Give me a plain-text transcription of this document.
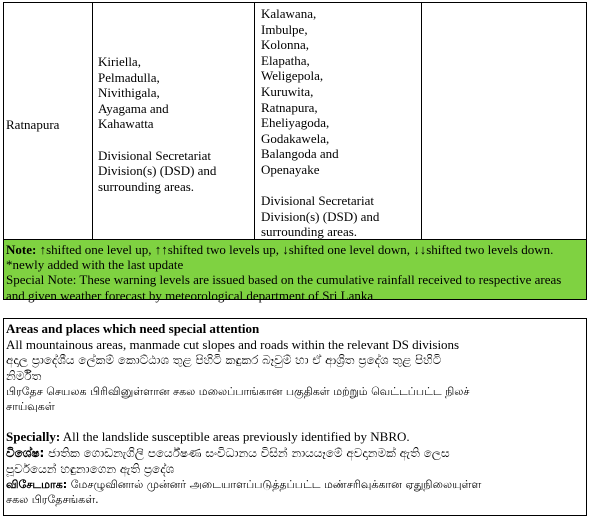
Ratnapura
Kiriella,
Pelmadulla,
Nivithigala,
Ayagama and
Kahawatta
Divisional Secretariat
Division(s) (DSD) and
surrounding areas.
Kalawana,
Imbulpe,
Kolonna,
Elapatha,
Weligepola,
Kuruwita,
Ratnapura,
Eheliyagoda,
Godakawela,
Balangoda and
Openayake
Divisional Secretariat
Division(s) (DSD) and
surrounding areas.
Note: ↑shifted one level up, ↑↑shifted two levels up, ↓shifted one level down, ↓↓shifted two levels down.
*newly added with the last update
Special Note: These warning levels are issued based on the cumulative rainfall received to respective areas
and given weather forecast by meteorological department of Sri Lanka
Areas and places which need special attention
All mountainous areas, manmade cut slopes and roads within the relevant DS divisions
අදාල ප්‍රාදේශීය ලේකම් කොට්ඨාශ තුළ පිහිටි කඳුකර බෑවුම් හා ඒ ආශ්‍රිත ප්‍රදේශ තුළ පිහිටි
නිර්මිත
பிரதேச செயலக பிரிவினுள்ளான சகல மலைப்பாங்கான பகுதிகள் மற்றும் வெட்டப்பட்ட நிலச்
சாய்வுகள்
Specially: All the landslide susceptible areas previously identified by NBRO.
විශේෂ: ජාතික ගොඩනැගිලි පර්යේෂණ සංවිධානය විසින් නායයෑමේ අවදානමක් ඇති ලෙස
පූර්වයෙන් හඳුනාගෙන ඇති ප්‍රදේශ
விசேடமாக: மேசழுவினால் முன்னர் அடையாளப்படுத்தப்பட்ட மண்சரிவுக்கான ஏதுநிலையுள்ள
சகல பிரதேசங்கள்.
